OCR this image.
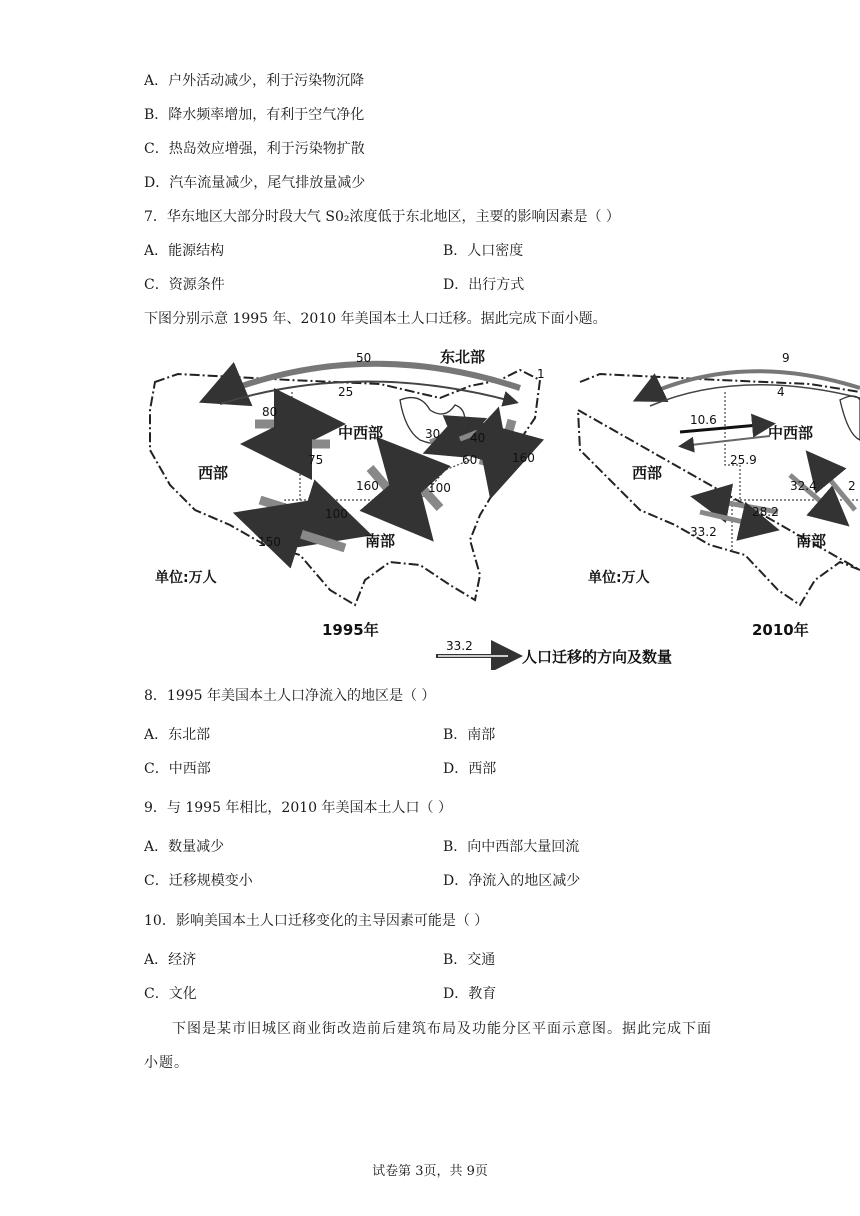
A．户外活动减少，利于污染物沉降
B．降水频率增加，有利于空气净化
C．热岛效应增强，利于污染物扩散
D．汽车流量减少，尾气排放量减少
7．华东地区大部分时段大气 S0₂浓度低于东北地区，主要的影响因素是（ ）
A．能源结构	B．人口密度
C．资源条件	D．出行方式
下图分别示意 1995 年、2010 年美国本土人口迁移。据此完成下面小题。
东北部
中西部
西部
南部
50
25
1
80
75
30 40
60	160
160	100
100
150
单位:万人
1995年
中西部
西部
南部
9
4
10.6
25.9
32.4
28.2
33.2
2
单位:万人
2010年
33.2
人口迁移的方向及数量
8．1995 年美国本土人口净流入的地区是（ ）
A．东北部	B．南部
C．中西部	D．西部
9．与 1995 年相比，2010 年美国本土人口（ ）
A．数量减少	B．向中西部大量回流
C．迁移规模变小	D．净流入的地区减少
10．影响美国本土人口迁移变化的主导因素可能是（ ）
A．经济	B．交通
C．文化	D．教育
下图是某市旧城区商业街改造前后建筑布局及功能分区平面示意图。据此完成下面小题。
试卷第 3页，共 9页
